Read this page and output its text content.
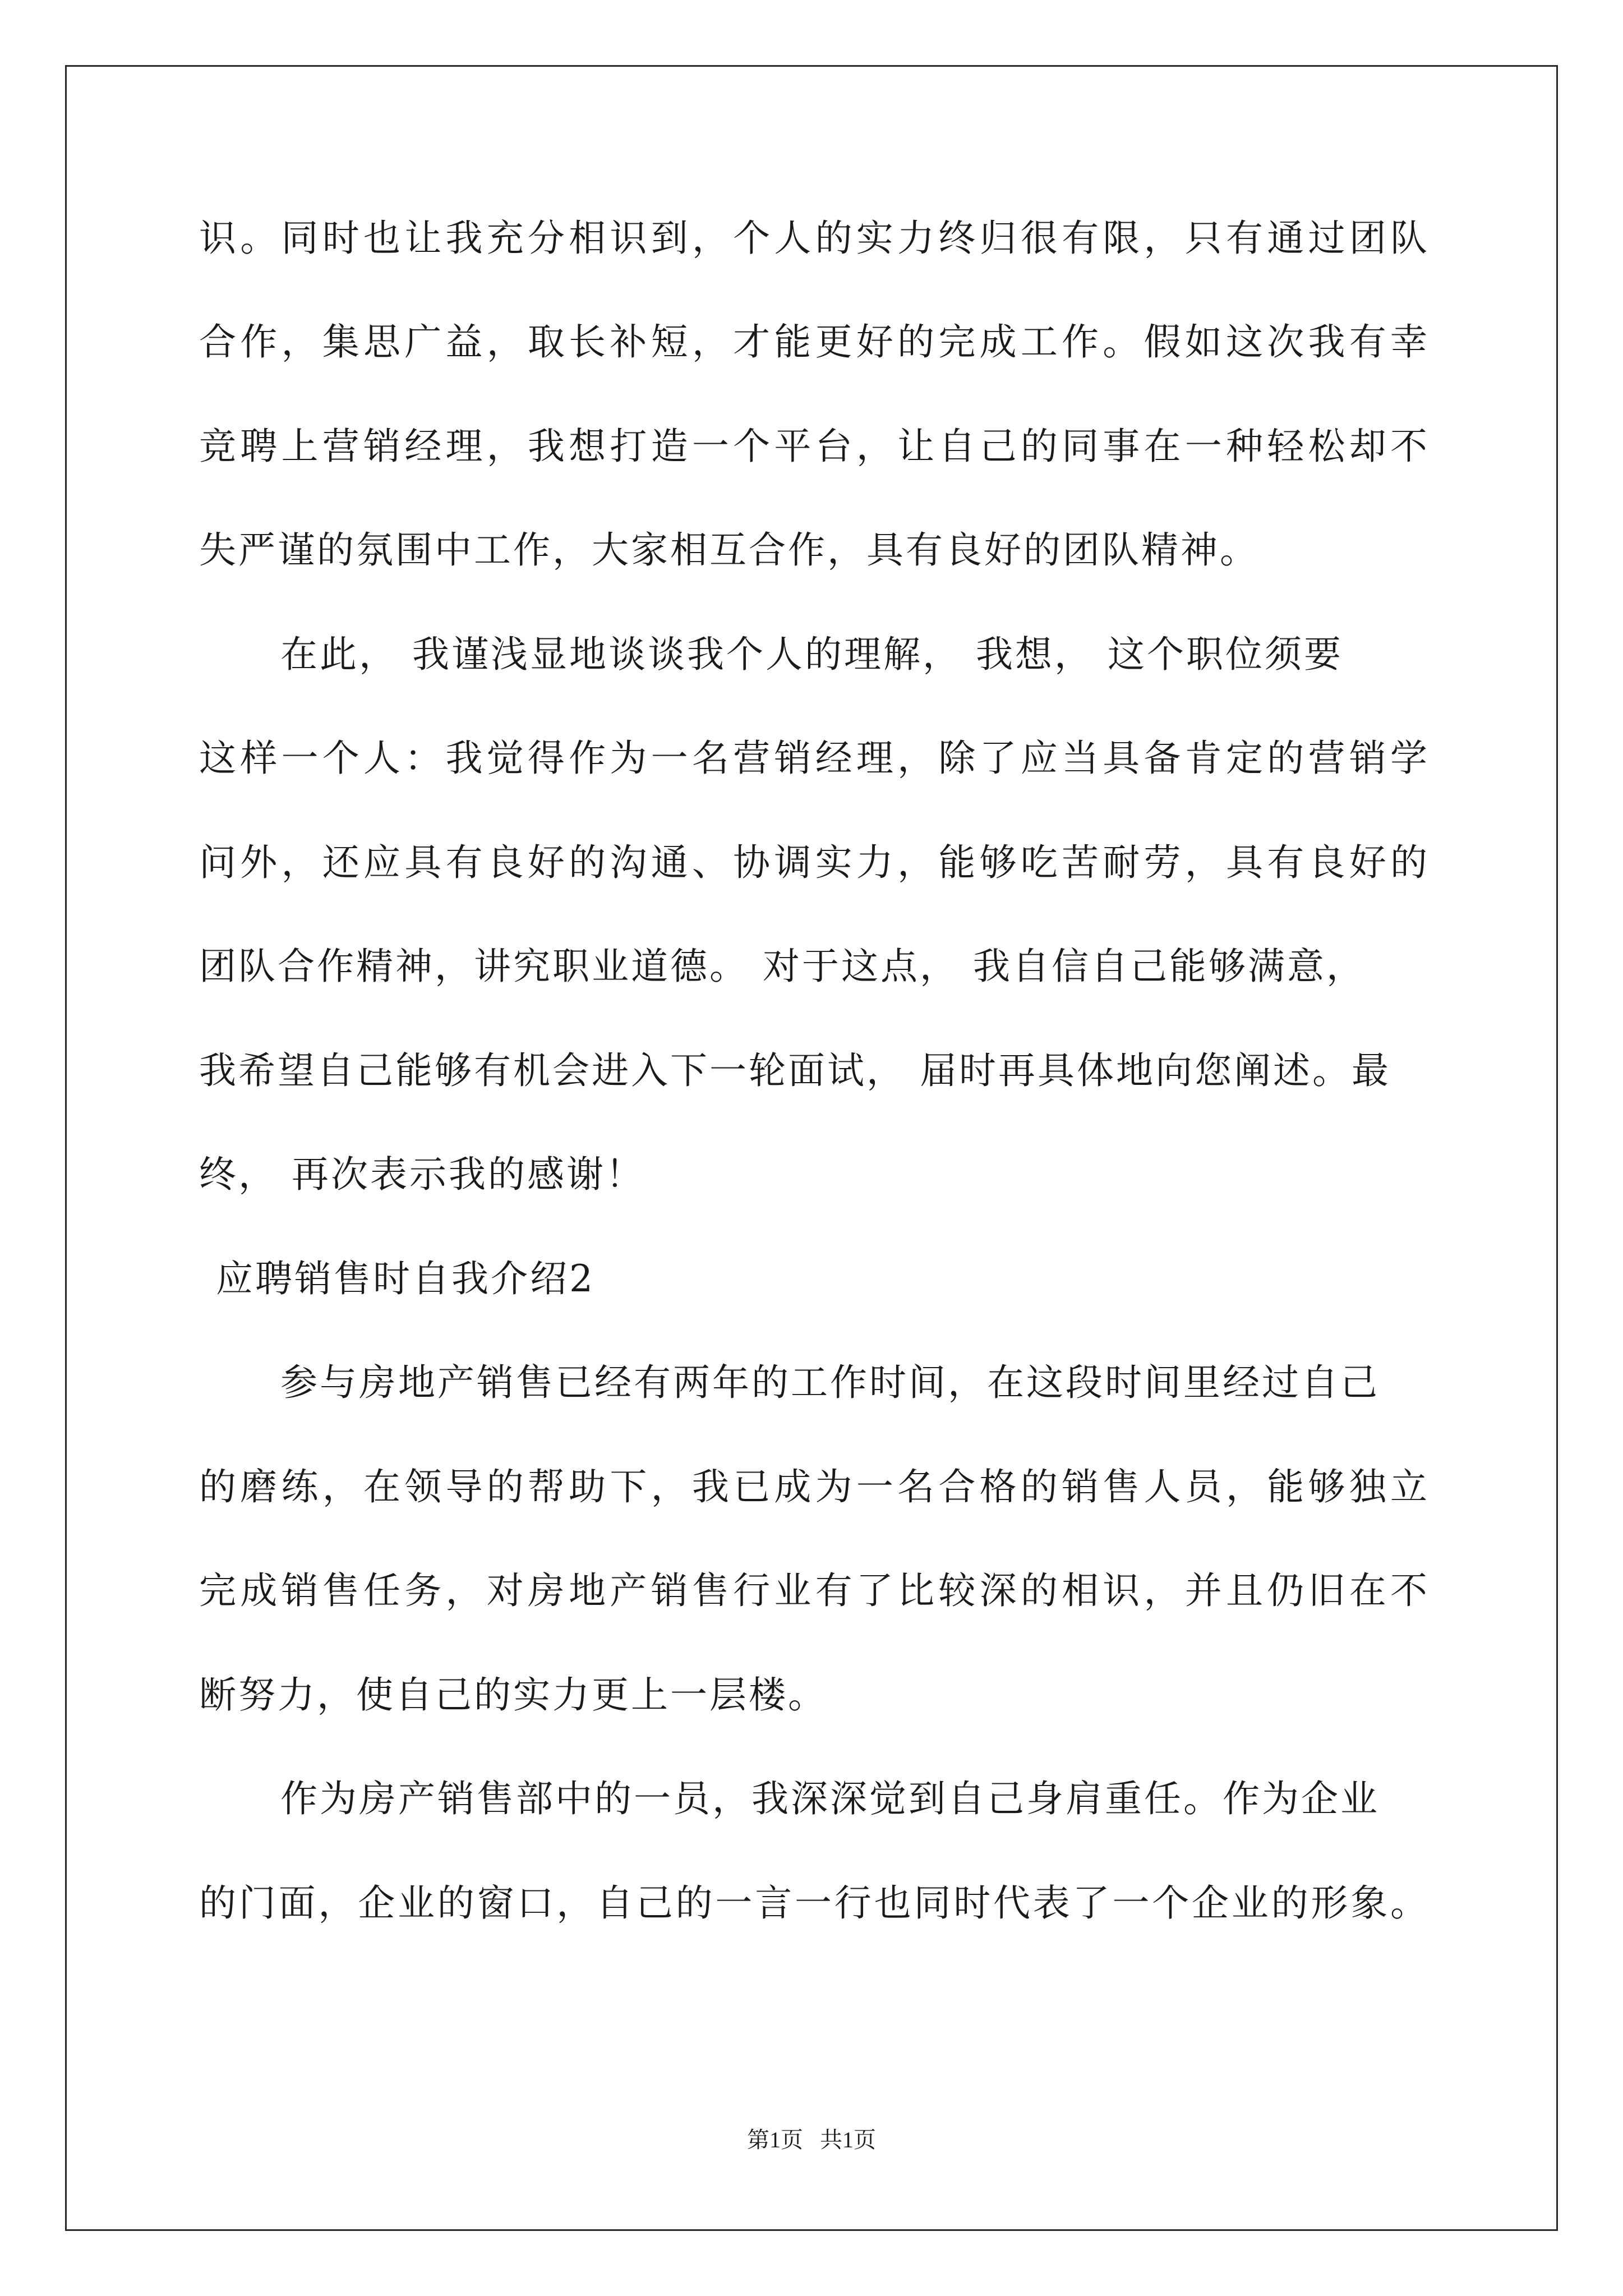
识。同时也让我充分相识到，个人的实力终归很有限，只有通过团队
合作，集思广益，取长补短，才能更好的完成工作。假如这次我有幸
竞聘上营销经理，我想打造一个平台，让自己的同事在一种轻松却不
失严谨的氛围中工作，大家相互合作，具有良好的团队精神。
在此， 我谨浅显地谈谈我个人的理解， 我想， 这个职位须要
这样一个人：我觉得作为一名营销经理，除了应当具备肯定的营销学
问外，还应具有良好的沟通、协调实力，能够吃苦耐劳，具有良好的
团队合作精神，讲究职业道德。 对于这点， 我自信自己能够满意，
我希望自己能够有机会进入下一轮面试， 届时再具体地向您阐述。最
终， 再次表示我的感谢！
应聘销售时自我介绍2
参与房地产销售已经有两年的工作时间，在这段时间里经过自己
的磨练，在领导的帮助下，我已成为一名合格的销售人员，能够独立
完成销售任务，对房地产销售行业有了比较深的相识，并且仍旧在不
断努力，使自己的实力更上一层楼。
作为房产销售部中的一员，我深深觉到自己身肩重任。作为企业
的门面，企业的窗口，自己的一言一行也同时代表了一个企业的形象。
第1页   共1页
